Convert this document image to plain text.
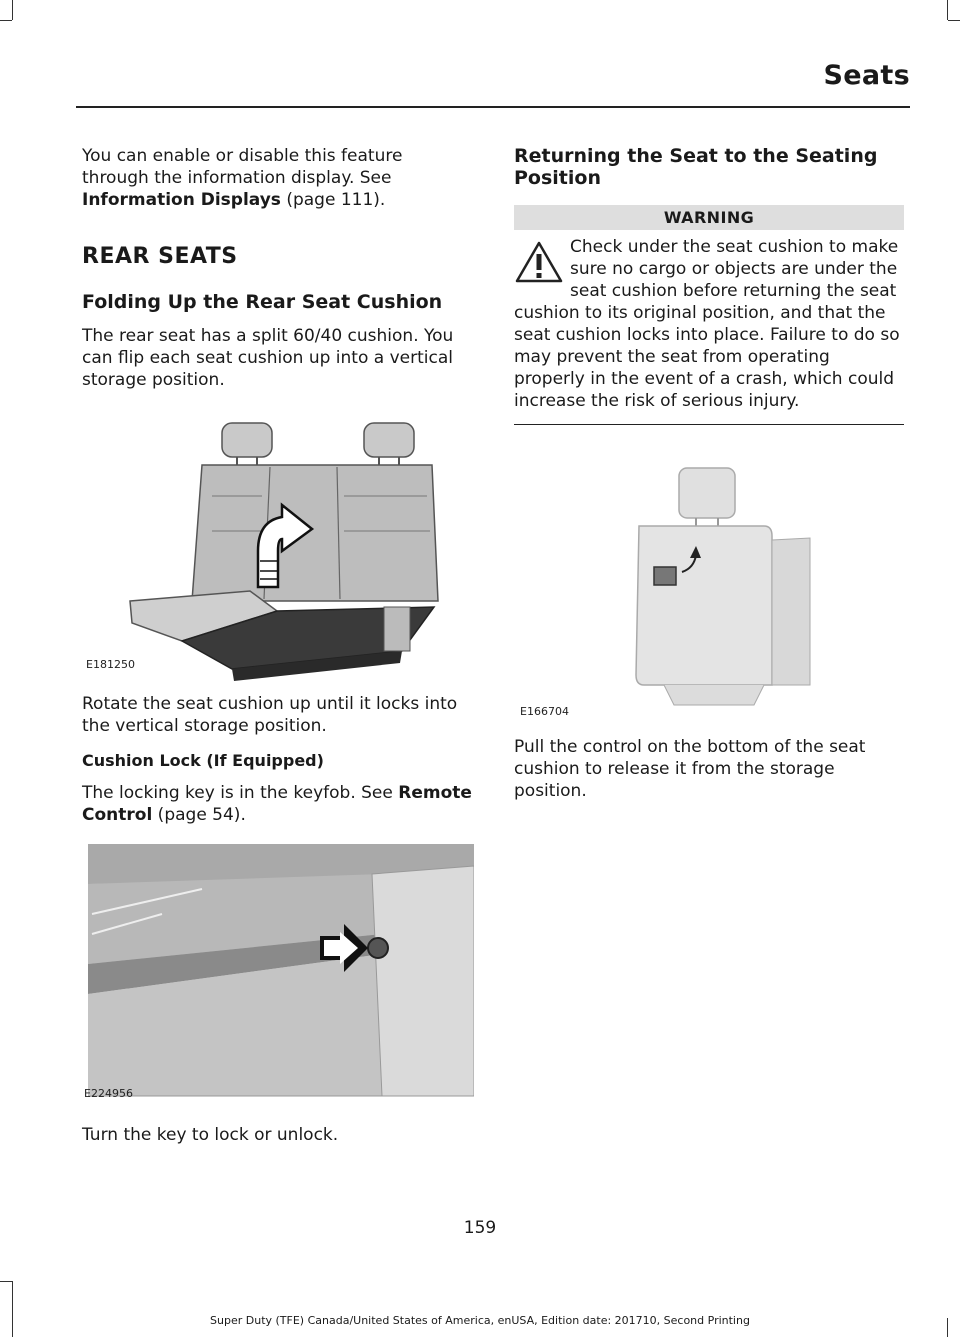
Seats

You can enable or disable this feature through the information display. See Information Displays (page 111).

REAR SEATS
Folding Up the Rear Seat Cushion

The rear seat has a split 60/40 cushion. You can flip each seat cushion up into a vertical storage position.

E181250

Rotate the seat cushion up until it locks into the vertical storage position.

Cushion Lock (If Equipped)

The locking key is in the keyfob. See Remote Control (page 54).

E224956

Turn the key to lock or unlock.

Returning the Seat to the Seating Position
WARNING

Check under the seat cushion to make sure no cargo or objects are under the seat cushion before returning the seat cushion to its original position, and that the seat cushion locks into place. Failure to do so may prevent the seat from operating properly in the event of a crash, which could increase the risk of serious injury.

E166704

Pull the control on the bottom of the seat cushion to release it from the storage position.

159
Super Duty (TFE) Canada/United States of America, enUSA, Edition date: 201710, Second Printing
